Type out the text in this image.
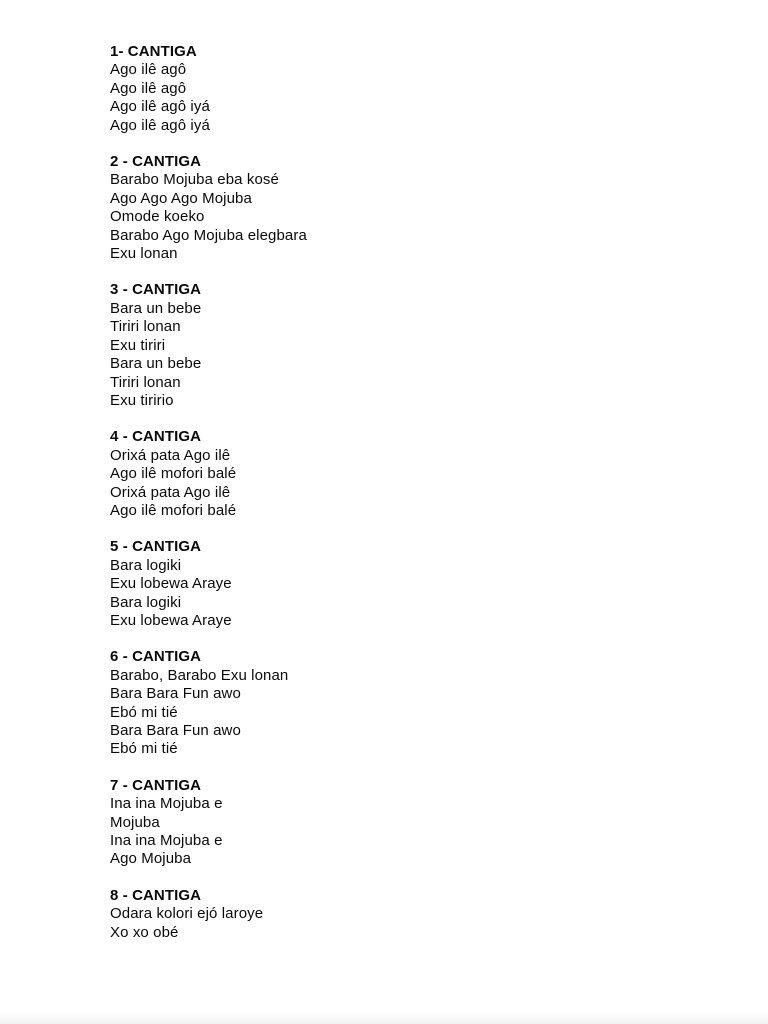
1- CANTIGA
Ago ilê agô
Ago ilê agô
Ago ilê agô iyá
Ago ilê agô iyá
2 - CANTIGA
Barabo Mojuba eba kosé
Ago Ago Ago Mojuba
Omode koeko
Barabo Ago Mojuba elegbara
Exu lonan
3 - CANTIGA
Bara un bebe
Tiriri lonan
Exu tiriri
Bara un bebe
Tiriri lonan
Exu tiririo
4 - CANTIGA
Orixá pata Ago ilê
Ago ilê mofori balé
Orixá pata Ago ilê
Ago ilê mofori balé
5 - CANTIGA
Bara logiki
Exu lobewa Araye
Bara logiki
Exu lobewa Araye
6 - CANTIGA
Barabo, Barabo Exu lonan
Bara Bara Fun awo
Ebó mi tié
Bara Bara Fun awo
Ebó mi tié
7 - CANTIGA
Ina ina Mojuba e
Mojuba
Ina ina Mojuba e
Ago Mojuba
8 - CANTIGA
Odara kolori ejó laroye
Xo xo obé
